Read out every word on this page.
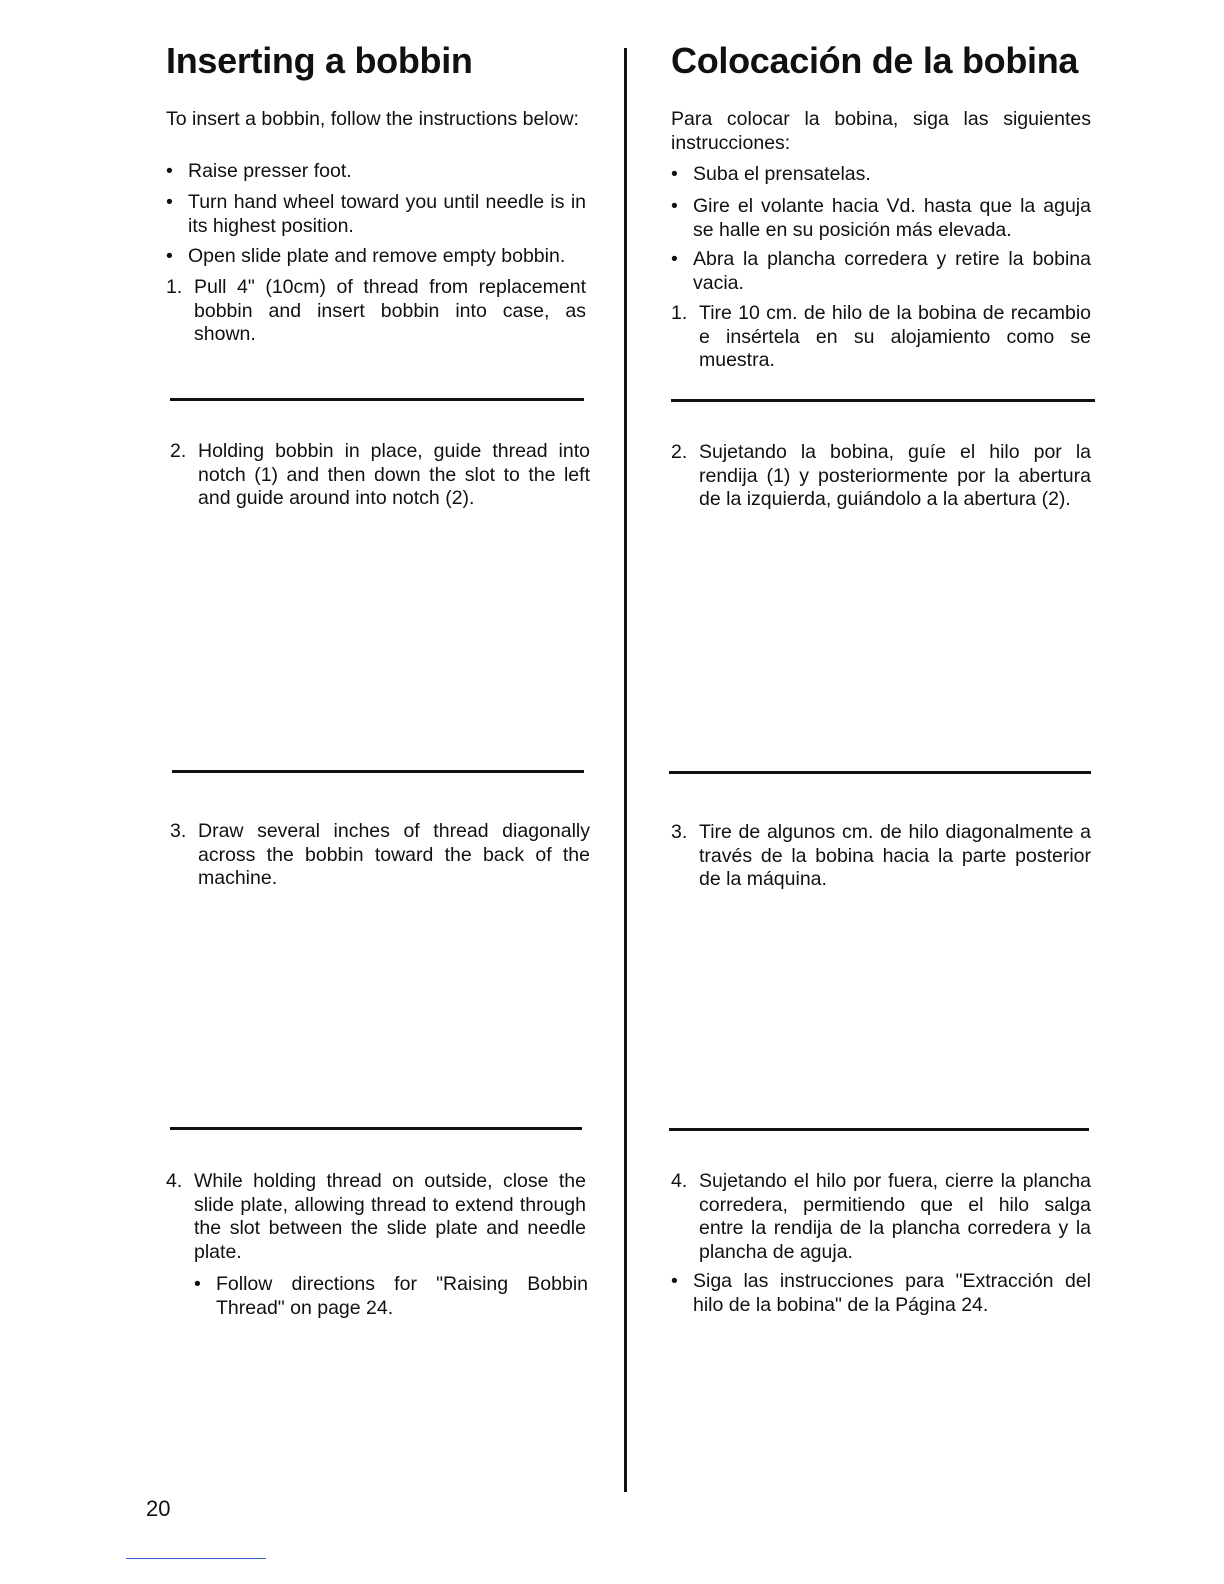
Inserting a bobbin

To insert a bobbin, follow the instructions below:

• Raise presser foot.
• Turn hand wheel toward you until needle is in its highest position.
• Open slide plate and remove empty bobbin.
1. Pull 4" (10cm) of thread from replacement bobbin and insert bobbin into case, as shown.
2. Holding bobbin in place, guide thread into notch (1) and then down the slot to the left and guide around into notch (2).
3. Draw several inches of thread diagonally across the bobbin toward the back of the machine.
4. While holding thread on outside, close the slide plate, allowing thread to extend through the slot between the slide plate and needle plate.
• Follow directions for "Raising Bobbin Thread" on page 24.
Colocación de la bobina

Para colocar la bobina, siga las siguientes instrucciones:

• Suba el prensatelas.
• Gire el volante hacia Vd. hasta que la aguja se halle en su posición más elevada.
• Abra la plancha corredera y retire la bobina vacia.
1. Tire 10 cm. de hilo de la bobina de recambio e insértela en su alojamiento como se muestra.
2. Sujetando la bobina, guíe el hilo por la rendija (1) y posteriormente por la abertura de la izquierda, guiándolo a la abertura (2).
3. Tire de algunos cm. de hilo diagonalmente a través de la bobina hacia la parte posterior de la máquina.
4. Sujetando el hilo por fuera, cierre la plancha corredera, permitiendo que el hilo salga entre la rendija de la plancha corredera y la plancha de aguja.
• Siga las instrucciones para "Extracción del hilo de la bobina" de la Página 24.
20
